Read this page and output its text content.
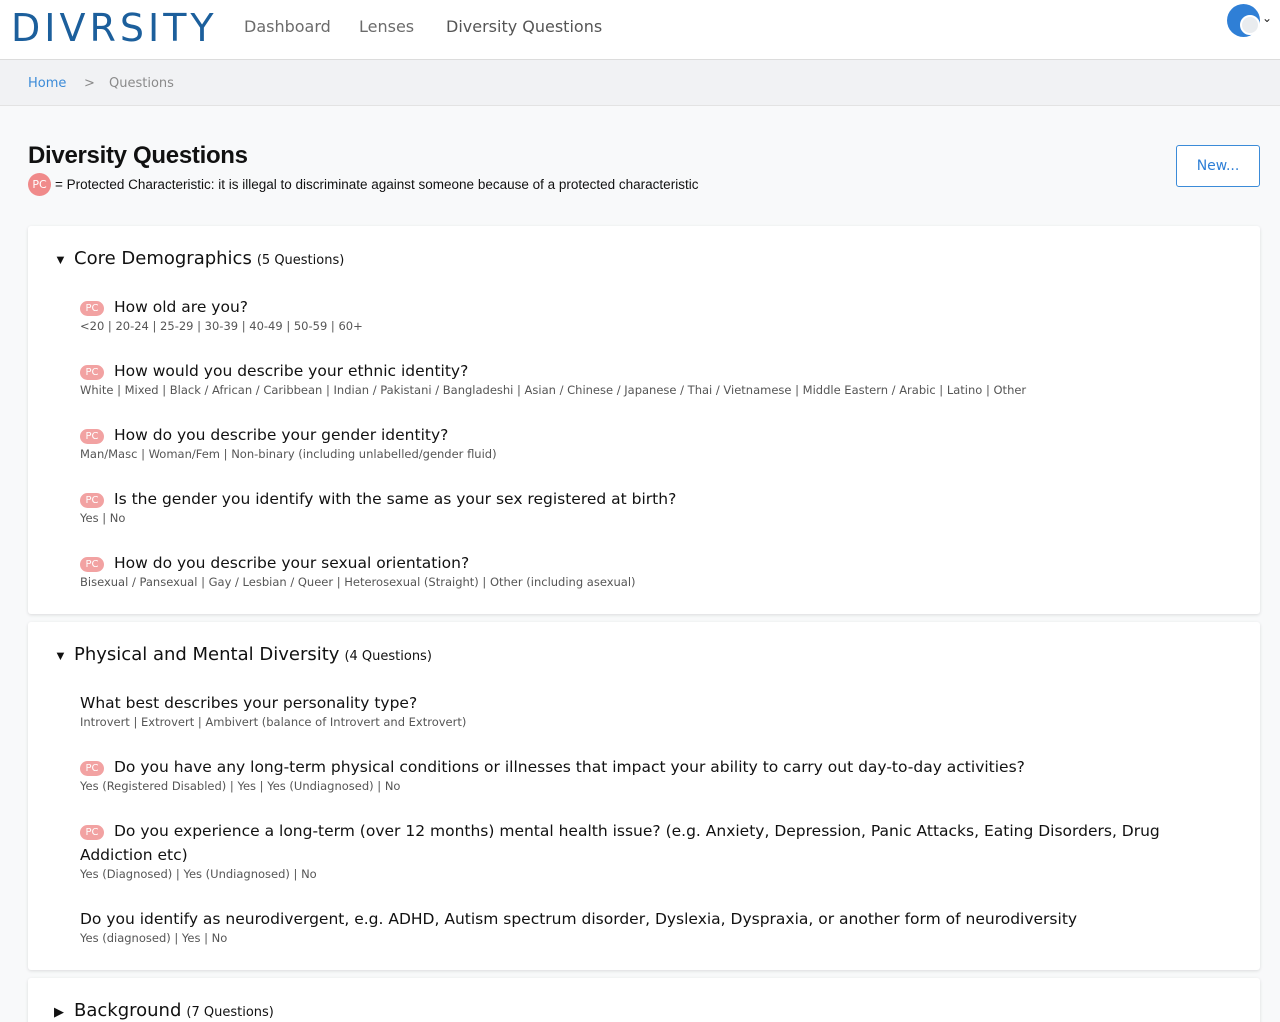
DIVRSITY Dashboard Lenses Diversity Questions	⌄
Home > Questions
Diversity Questions
PC = Protected Characteristic: it is illegal to discriminate against someone because of a protected characteristic
New...
▼ Core Demographics (5 Questions)
PC How old are you?
<20 | 20-24 | 25-29 | 30-39 | 40-49 | 50-59 | 60+
PC How would you describe your ethnic identity?
White | Mixed | Black / African / Caribbean | Indian / Pakistani / Bangladeshi | Asian / Chinese / Japanese / Thai / Vietnamese | Middle Eastern / Arabic | Latino | Other
PC How do you describe your gender identity?
Man/Masc | Woman/Fem | Non-binary (including unlabelled/gender fluid)
PC Is the gender you identify with the same as your sex registered at birth?
Yes | No
PC How do you describe your sexual orientation?
Bisexual / Pansexual | Gay / Lesbian / Queer | Heterosexual (Straight) | Other (including asexual)
▼ Physical and Mental Diversity (4 Questions)
What best describes your personality type?
Introvert | Extrovert | Ambivert (balance of Introvert and Extrovert)
PC Do you have any long-term physical conditions or illnesses that impact your ability to carry out day-to-day activities?
Yes (Registered Disabled) | Yes | Yes (Undiagnosed) | No
PC Do you experience a long-term (over 12 months) mental health issue? (e.g. Anxiety, Depression, Panic Attacks, Eating Disorders, Drug Addiction etc)
Yes (Diagnosed) | Yes (Undiagnosed) | No
Do you identify as neurodivergent, e.g. ADHD, Autism spectrum disorder, Dyslexia, Dyspraxia, or another form of neurodiversity
Yes (diagnosed) | Yes | No
▶ Background (7 Questions)
